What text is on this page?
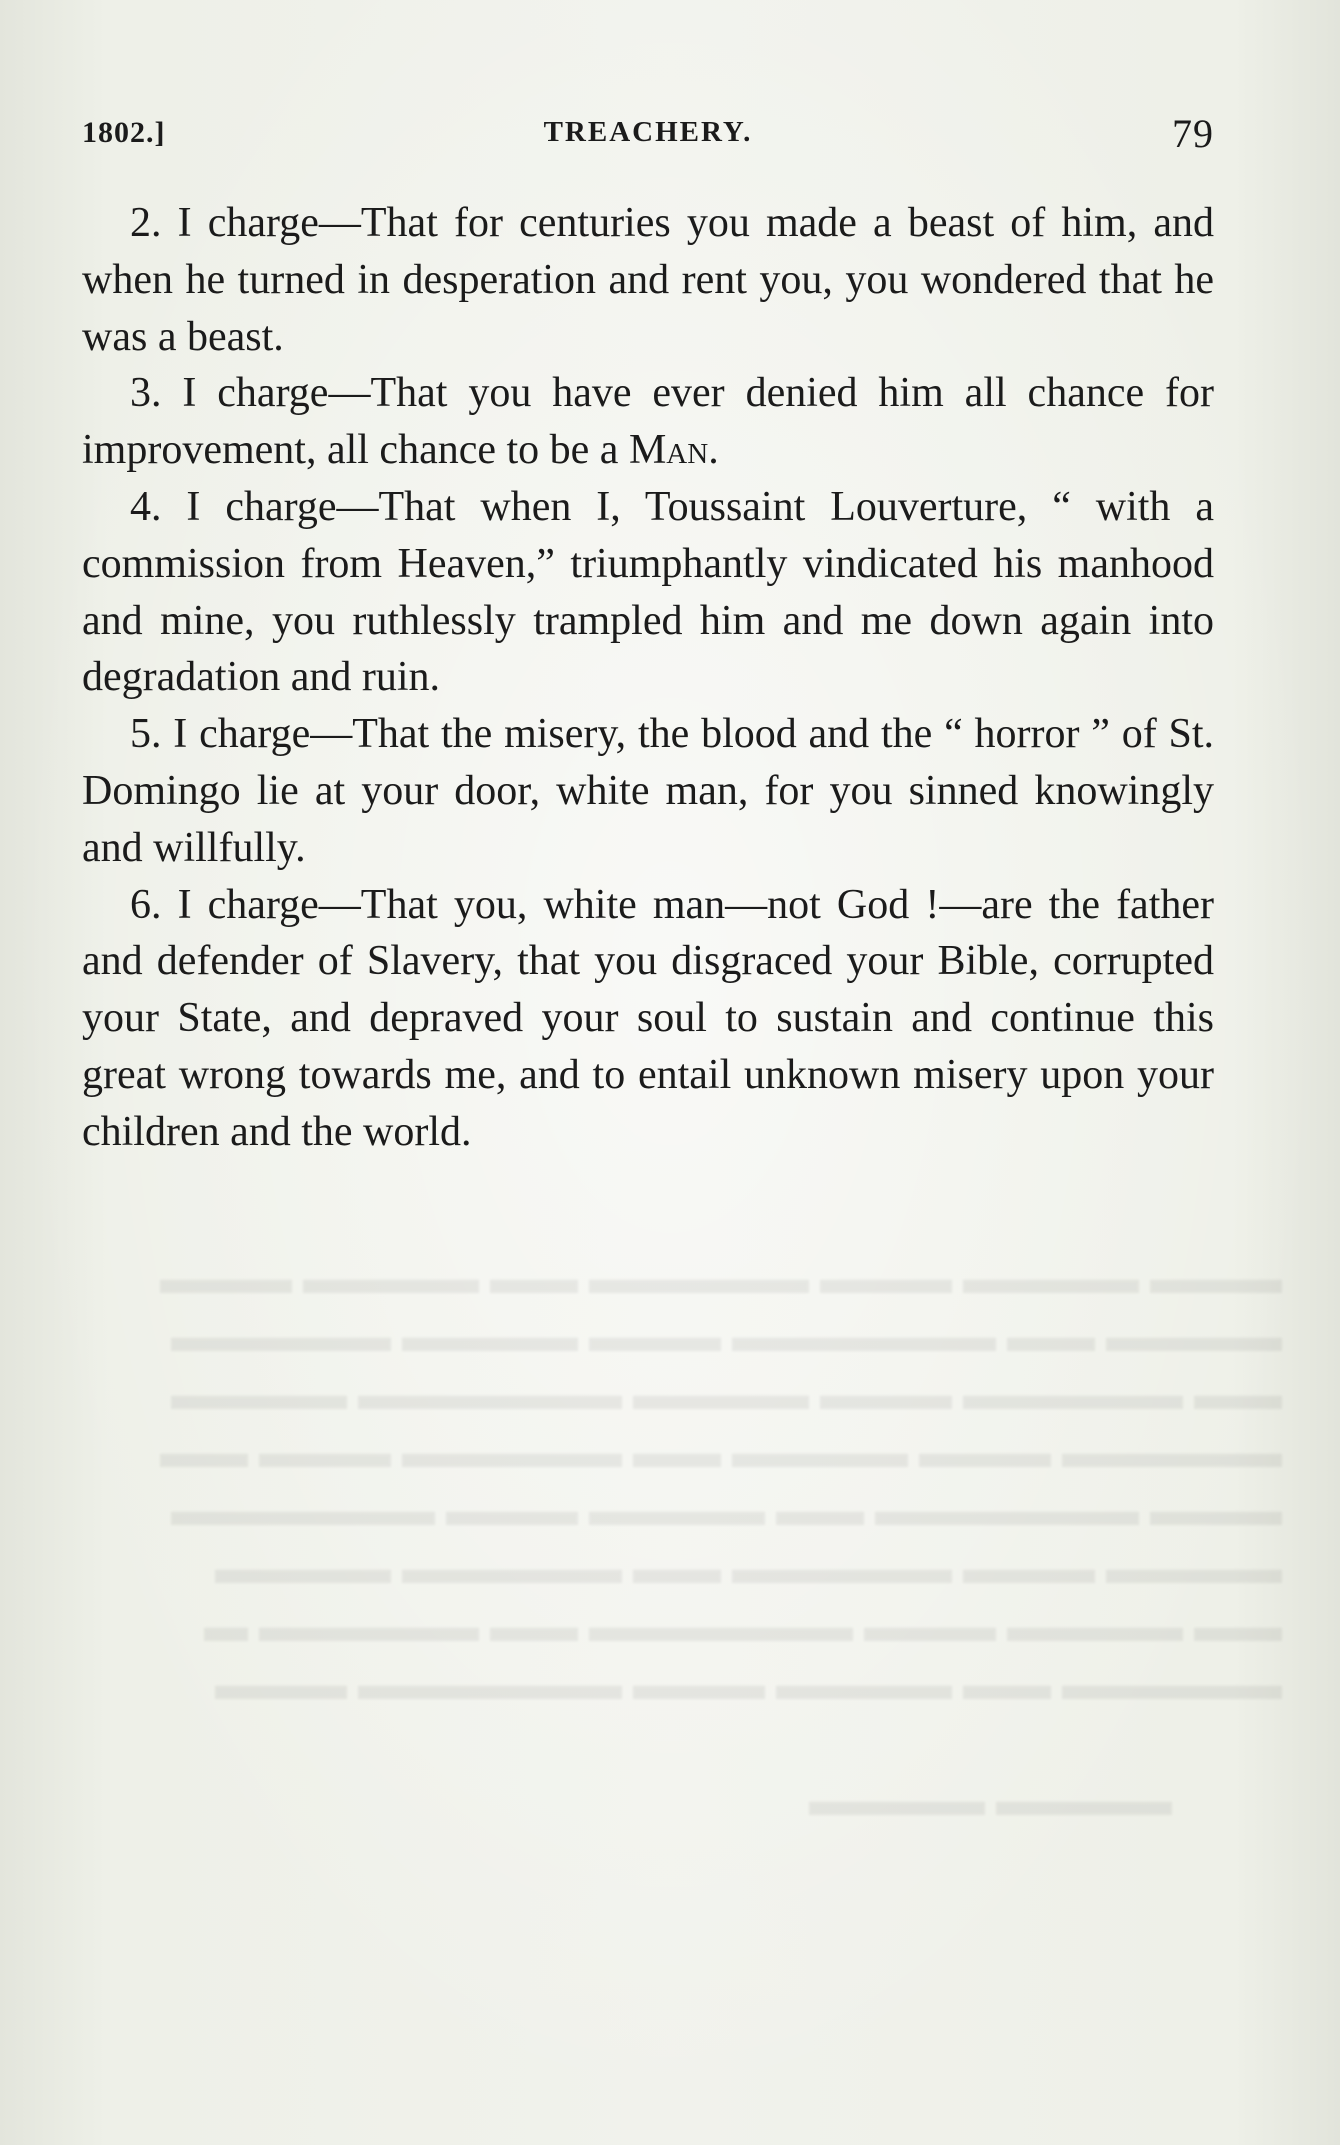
▬▬▬ ▬▬▬▬ ▬▬▬ ▬▬▬▬▬ ▬▬ ▬▬▬▬ ▬▬▬
▬▬▬▬ ▬▬ ▬▬▬▬▬▬ ▬▬▬ ▬▬▬▬ ▬▬▬▬▬
▬▬ ▬▬▬▬▬ ▬▬▬ ▬▬▬▬ ▬▬▬▬▬▬ ▬▬▬▬
▬▬▬▬▬ ▬▬▬ ▬▬▬▬ ▬▬ ▬▬▬▬▬ ▬▬▬ ▬▬
▬▬▬ ▬▬▬▬▬▬ ▬▬ ▬▬▬▬ ▬▬▬ ▬▬▬▬▬▬
▬▬▬▬ ▬▬▬ ▬▬▬▬▬ ▬▬ ▬▬▬▬▬ ▬▬▬▬
▬▬ ▬▬▬▬ ▬▬▬ ▬▬▬▬▬▬ ▬▬ ▬▬▬▬▬ ▬
▬▬▬▬▬ ▬▬ ▬▬▬▬ ▬▬▬ ▬▬▬▬▬▬ ▬▬▬

▬▬▬▬ ▬▬▬▬
1802.]	TREACHERY.	79

2. I charge—That for centuries you made a beast of him, and when he turned in desperation and rent you, you wondered that he was a beast.

3. I charge—That you have ever denied him all chance for improvement, all chance to be a Man.

4. I charge—That when I, Toussaint Louverture, “ with a commission from Heaven,” triumphantly vindicated his manhood and mine, you ruthlessly trampled him and me down again into degradation and ruin.

5. I charge—That the misery, the blood and the “ horror ” of St. Domingo lie at your door, white man, for you sinned knowingly and willfully.

6. I charge—That you, white man—not God !—are the father and defender of Slavery, that you disgraced your Bible, corrupted your State, and depraved your soul to sustain and continue this great wrong towards me, and to entail unknown misery upon your children and the world.
